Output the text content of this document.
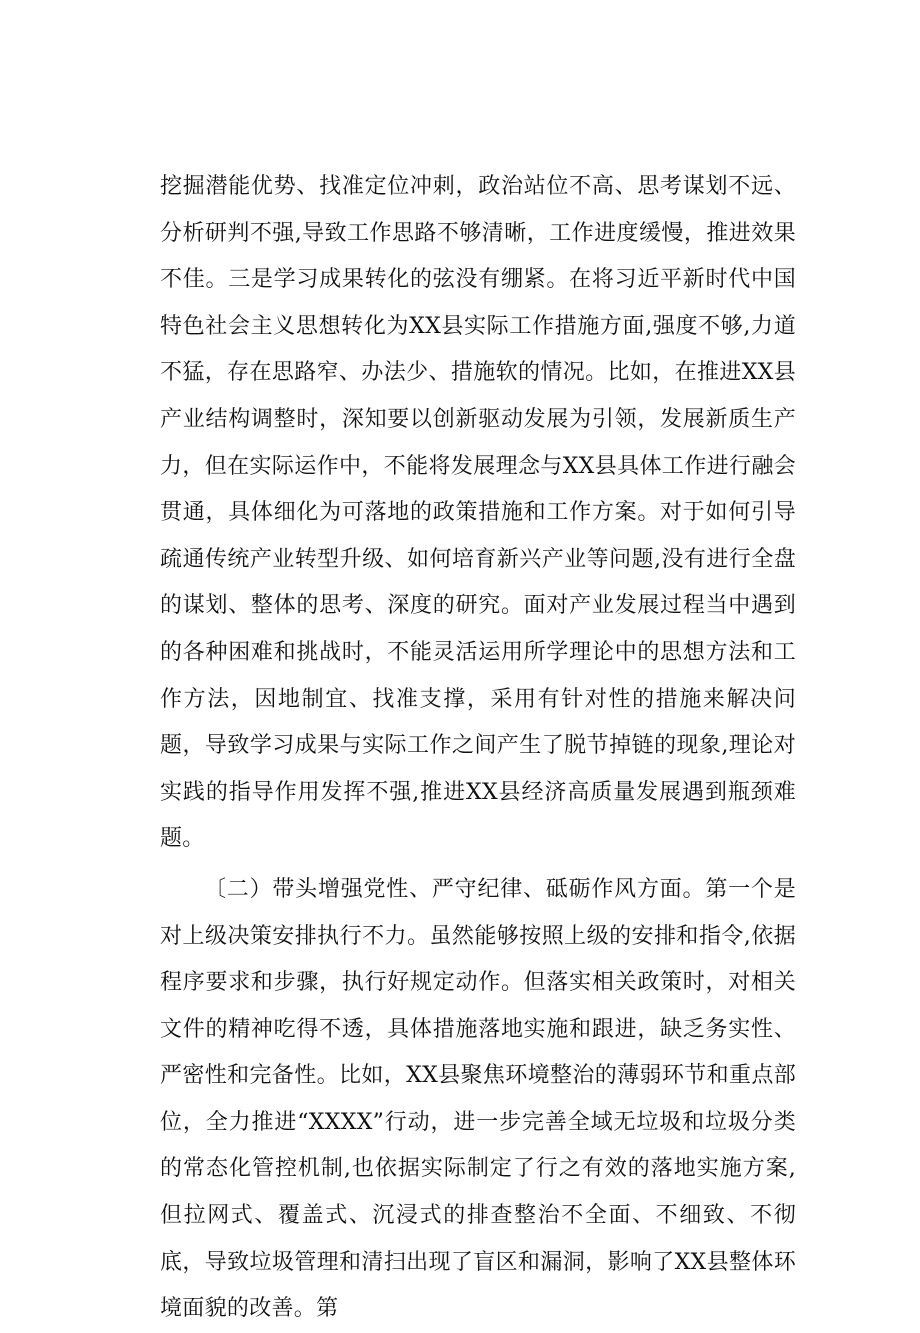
挖掘潜能优势、找准定位冲刺，政治站位不高、思考谋划不远、分析研判不强,导致工作思路不够清晰，工作进度缓慢，推进效果不佳。三是学习成果转化的弦没有绷紧。在将习近平新时代中国特色社会主义思想转化为XX县实际工作措施方面,强度不够,力道不猛，存在思路窄、办法少、措施软的情况。比如，在推进XX县产业结构调整时，深知要以创新驱动发展为引领，发展新质生产力，但在实际运作中，不能将发展理念与XX县具体工作进行融会贯通，具体细化为可落地的政策措施和工作方案。对于如何引导疏通传统产业转型升级、如何培育新兴产业等问题,没有进行全盘的谋划、整体的思考、深度的研究。面对产业发展过程当中遇到的各种困难和挑战时，不能灵活运用所学理论中的思想方法和工作方法，因地制宜、找准支撑，采用有针对性的措施来解决问题，导致学习成果与实际工作之间产生了脱节掉链的现象,理论对实践的指导作用发挥不强,推进XX县经济高质量发展遇到瓶颈难题。

〔二）带头增强党性、严守纪律、砥砺作风方面。第一个是对上级决策安排执行不力。虽然能够按照上级的安排和指令,依据程序要求和步骤，执行好规定动作。但落实相关政策时，对相关文件的精神吃得不透，具体措施落地实施和跟进，缺乏务实性、严密性和完备性。比如，XX县聚焦环境整治的薄弱环节和重点部位，全力推进“XXXX”行动，进一步完善全域无垃圾和垃圾分类的常态化管控机制,也依据实际制定了行之有效的落地实施方案,但拉网式、覆盖式、沉浸式的排查整治不全面、不细致、不彻底，导致垃圾管理和清扫出现了盲区和漏洞，影响了XX县整体环境面貌的改善。第
